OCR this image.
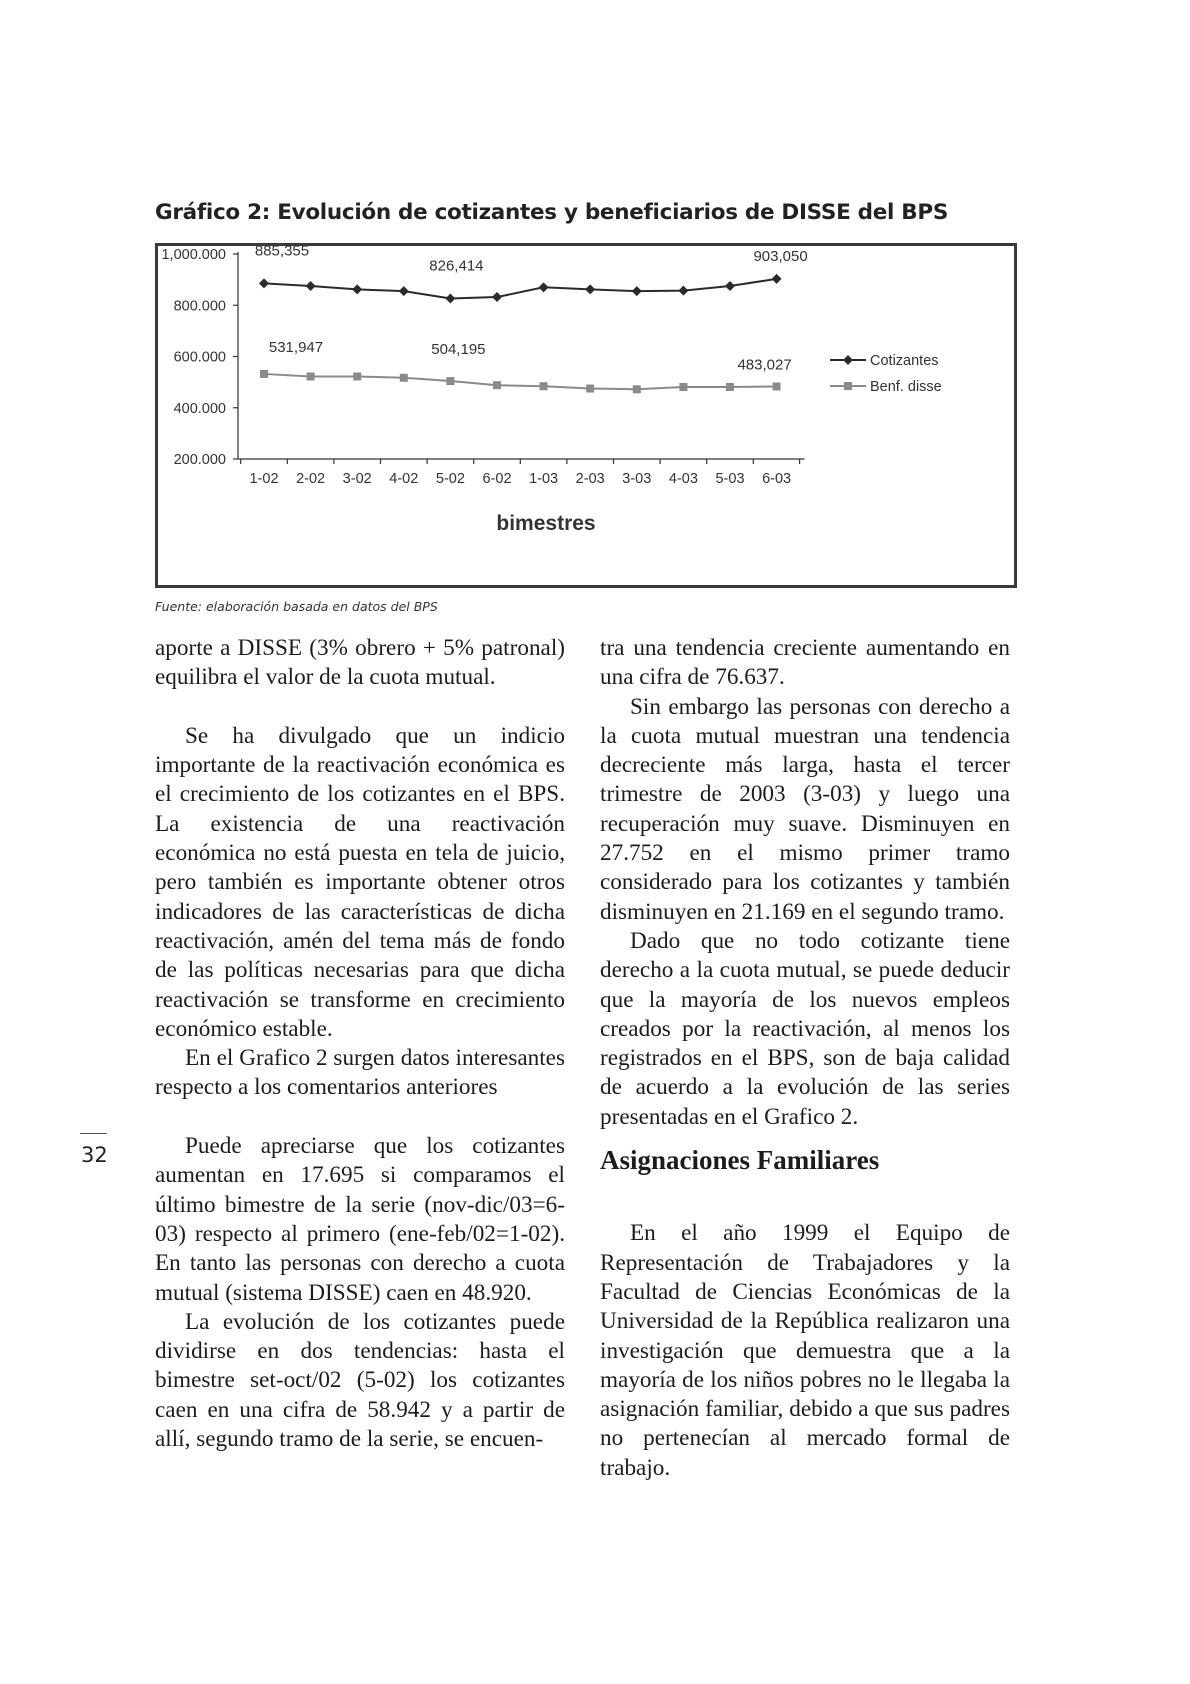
Gráfico 2: Evolución de cotizantes y beneficiarios de DISSE del BPS
1,000.000
800.000
600.000
400.000
200.000
1-02 2-02 3-02 4-02 5-02 6-02 1-03 2-03 3-03 4-03 5-03 6-03
bimestres
885,355
826,414
903,050
531,947	504,195
483,027	Cotizantes
Benf. disse
Fuente: elaboración basada en datos del BPS

aporte a DISSE (3% obrero + 5% patronal) equilibra el valor de la cuota mutual.

Se ha divulgado que un indicio importante de la reactivación económica es el crecimiento de los cotizantes en el BPS. La existencia de una reactivación económica no está puesta en tela de juicio, pero también es importante obtener otros indicadores de las características de dicha reactivación, amén del tema más de fondo de las políticas necesarias para que dicha reactivación se transforme en crecimiento económico estable.

En el Grafico 2 surgen datos interesantes respecto a los comentarios anteriores

Puede apreciarse que los cotizantes aumentan en 17.695 si comparamos el último bimestre de la serie (nov-dic/03=6-03) respecto al primero (ene-feb/02=1-02). En tanto las personas con derecho a cuota mutual (sistema DISSE) caen en 48.920.

La evolución de los cotizantes puede dividirse en dos tendencias: hasta el bimestre set-oct/02 (5-02) los cotizantes caen en una cifra de 58.942 y a partir de allí, segundo tramo de la serie, se encuen-

tra una tendencia creciente aumentando en una cifra de 76.637.

Sin embargo las personas con derecho a la cuota mutual muestran una tendencia decreciente más larga, hasta el tercer trimestre de 2003 (3-03) y luego una recuperación muy suave. Disminuyen en 27.752 en el mismo primer tramo considerado para los cotizantes y también disminuyen en 21.169 en el segundo tramo.

Dado que no todo cotizante tiene derecho a la cuota mutual, se puede deducir que la mayoría de los nuevos empleos creados por la reactivación, al menos los registrados en el BPS, son de baja calidad de acuerdo a la evolución de las series presentadas en el Grafico 2.

Asignaciones Familiares

En el año 1999 el Equipo de Representación de Trabajadores y la Facultad de Ciencias Económicas de la Universidad de la República realizaron una investigación que demuestra que a la mayoría de los niños pobres no le llegaba la asignación familiar, debido a que sus padres no pertenecían al mercado formal de trabajo.

32
